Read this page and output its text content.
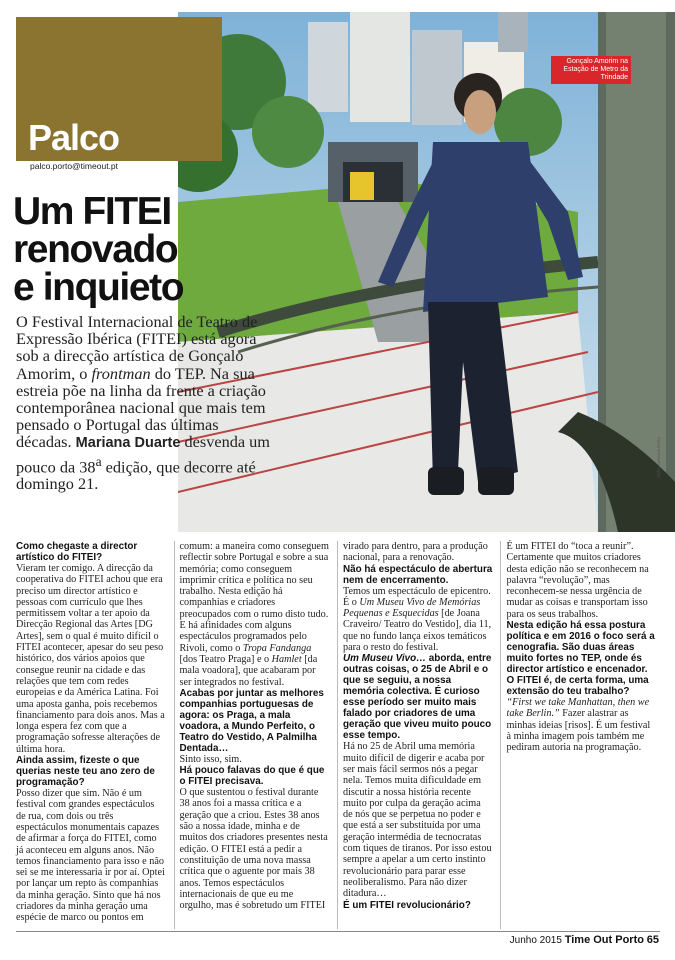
Palco
palco.porto@timeout.pt
Gonçalo Amorim na Estação de Metro da Trindade
JOÃO SARAIVA ROSA
Um FITEI
renovado
e inquieto
O Festival Internacional de Teatro de Expressão Ibérica (FITEI) está agora sob a direcção artística de Gonçalo Amorim, o frontman do TEP. Na sua estreia põe na linha da frente a criação contemporânea nacional que mais tem pensado o Portugal das últimas décadas. Mariana Duarte desvenda um pouco da 38$^a$ edição, que decorre até domingo 21.

Como chegaste a director artístico do FITEI?

Vieram ter comigo. A direcção da cooperativa do FITEI achou que era preciso um director artístico e pessoas com currículo que lhes permitissem voltar a ter apoio da Direcção Regional das Artes [DG Artes], sem o qual é muito difícil o FITEI acontecer, apesar do seu peso histórico, dos vários apoios que consegue reunir na cidade e das relações que tem com redes europeias e da América Latina. Foi uma aposta ganha, pois recebemos financiamento para dois anos. Mas a longa espera fez com que a programação sofresse alterações de última hora.

Ainda assim, fizeste o que querias neste teu ano zero de programação?

Posso dizer que sim. Não é um festival com grandes espectáculos de rua, com dois ou três espectáculos monumentais capazes de afirmar a força do FITEI, como já aconteceu em alguns anos. Não temos financiamento para isso e não sei se me interessaria ir por aí. Optei por lançar um repto às companhias da minha geração. Sinto que há nos criadores da minha geração uma espécie de marco ou pontos em comum: a maneira como conseguem reflectir sobre Portugal e sobre a sua memória; como conseguem imprimir crítica e política no seu trabalho. Nesta edição há companhias e criadores preocupados com o rumo disto tudo. E há afinidades com alguns espectáculos programados pelo Rivoli, como o Tropa Fandanga [dos Teatro Praga] e o Hamlet [da mala voadora], que acabaram por ser integrados no festival.

Acabas por juntar as melhores companhias portuguesas de agora: os Praga, a mala voadora, a Mundo Perfeito, o Teatro do Vestido, A Palmilha Dentada…

Sinto isso, sim.

Há pouco falavas do que é que o FITEI precisava.

O que sustentou o festival durante 38 anos foi a massa crítica e a geração que a criou. Estes 38 anos são a nossa idade, minha e de muitos dos criadores presentes nesta edição. O FITEI está a pedir a constituição de uma nova massa crítica que o aguente por mais 38 anos. Temos espectáculos internacionais de que eu me orgulho, mas é sobretudo um FITEI virado para dentro, para a produção nacional, para a renovação.

Não há espectáculo de abertura nem de encerramento.

Temos um espectáculo de epicentro. É o Um Museu Vivo de Memórias Pequenas e Esquecidas [de Joana Craveiro/ Teatro do Vestido], dia 11, que no fundo lança eixos temáticos para o resto do festival.

Um Museu Vivo… aborda, entre outras coisas, o 25 de Abril e o que se seguiu, a nossa memória colectiva. É curioso esse período ser muito mais falado por criadores de uma geração que viveu muito pouco esse tempo.

Há no 25 de Abril uma memória muito difícil de digerir e acaba por ser mais fácil sermos nós a pegar nela. Temos muita dificuldade em discutir a nossa história recente muito por culpa da geração acima de nós que se perpetua no poder e que está a ser substituída por uma geração intermédia de tecnocratas com tiques de tiranos. Por isso estou sempre a apelar a um certo instinto revolucionário para parar esse neoliberalismo. Para não dizer ditadura…

É um FITEI revolucionário?

É um FITEI do “toca a reunir”. Certamente que muitos criadores desta edição não se reconhecem na palavra “revolução”, mas reconhecem-se nessa urgência de mudar as coisas e transportam isso para os seus trabalhos.

Nesta edição há essa postura política e em 2016 o foco será a cenografia. São duas áreas muito fortes no TEP, onde és director artístico e encenador. O FITEI é, de certa forma, uma extensão do teu trabalho?

“First we take Manhattan, then we take Berlin.” Fazer alastrar as minhas ideias [risos]. É um festival à minha imagem pois também me pediram autoria na programação.

Junho 2015 Time Out Porto 65
